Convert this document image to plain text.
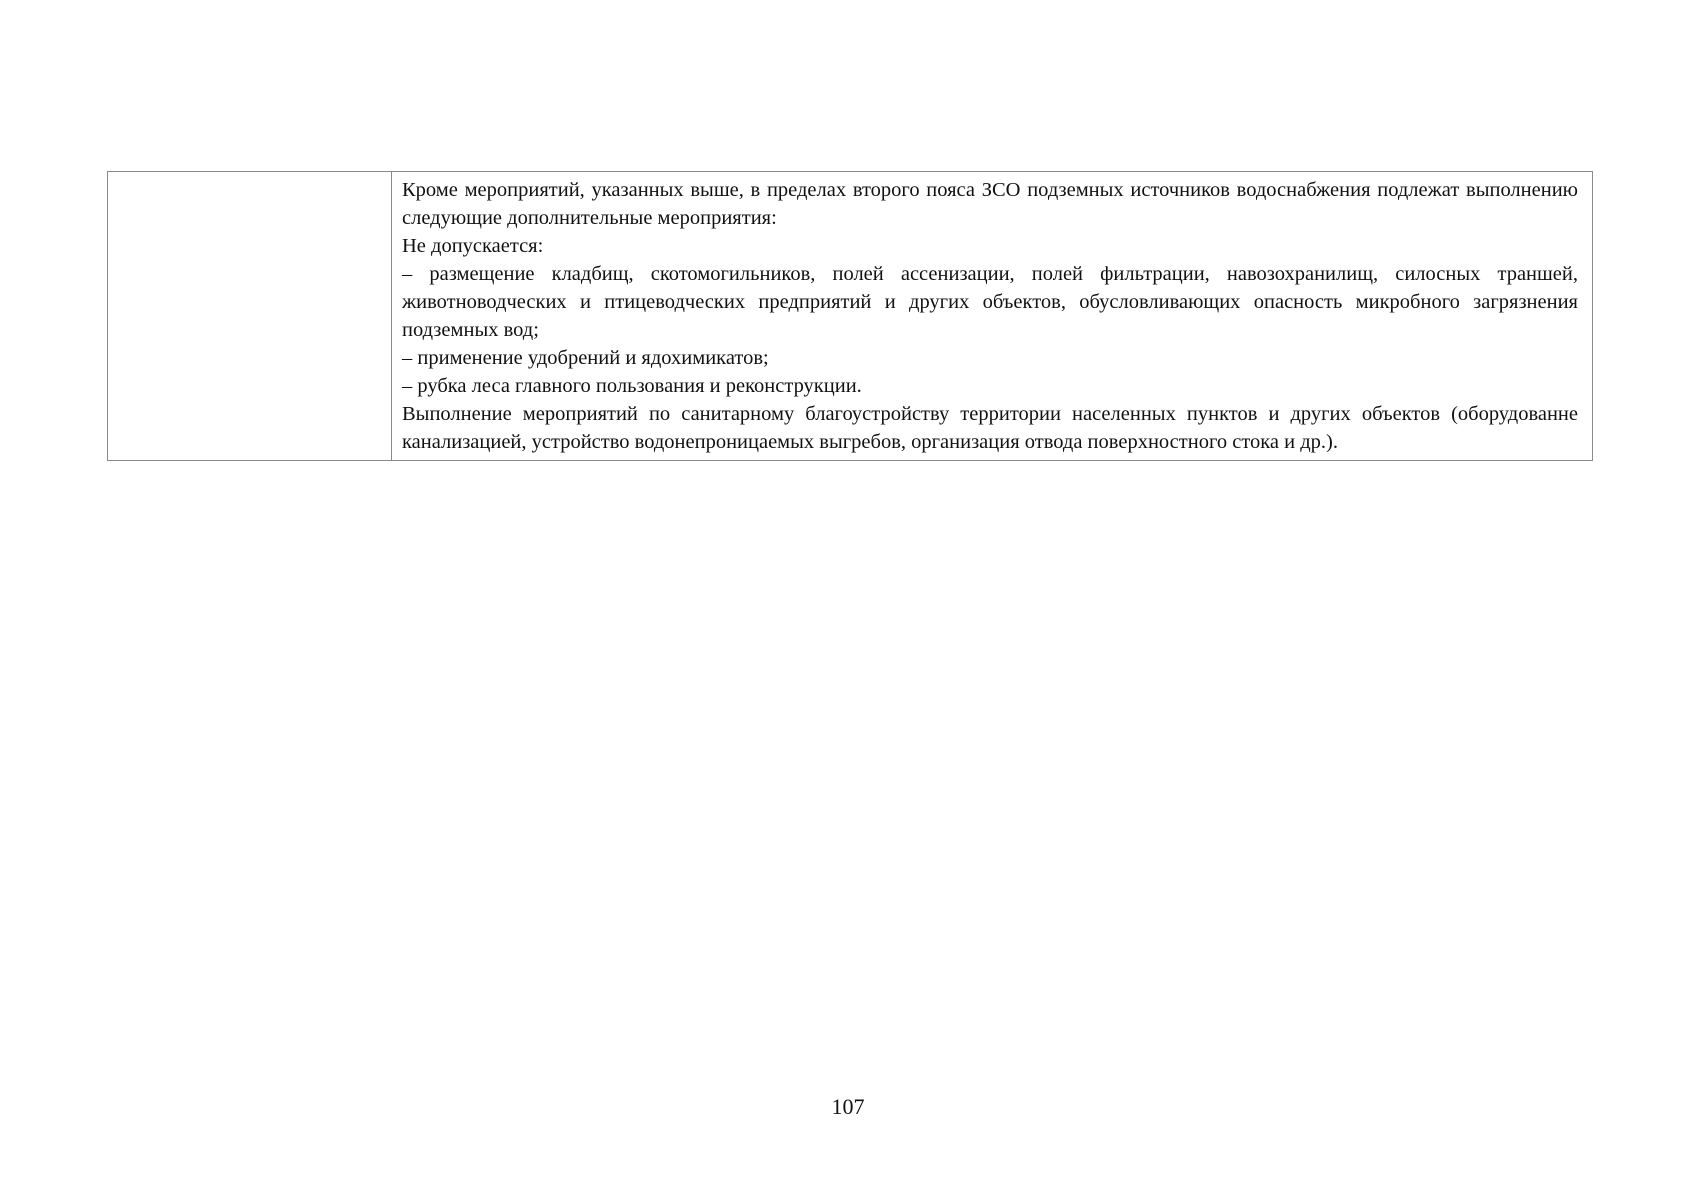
Кроме мероприятий, указанных выше, в пределах второго пояса ЗСО подземных источников водоснабжения подлежат выполнению следующие дополнительные мероприятия:

Не допускается:

– размещение кладбищ, скотомогильников, полей ассенизации, полей фильтрации, навозохранилищ, силосных траншей, животноводческих и птицеводческих предприятий и других объектов, обусловливающих опасность микробного загрязнения подземных вод;

– применение удобрений и ядохимикатов;

– рубка леса главного пользования и реконструкции.

Выполнение мероприятий по санитарному благоустройству территории населенных пунктов и других объектов (оборудованне канализацией, устройство водонепроницаемых выгребов, организация отвода поверхностного стока и др.).

107
